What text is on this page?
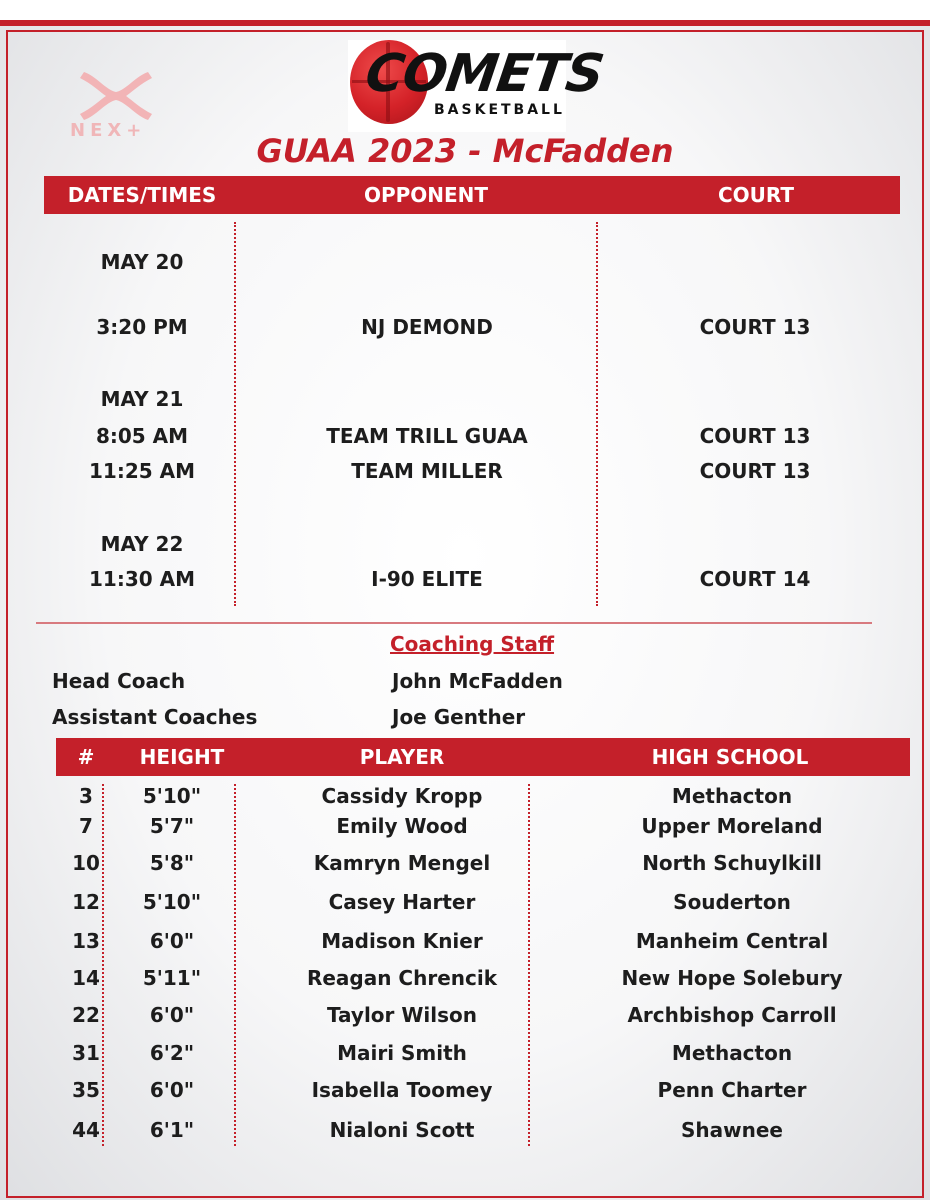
NEX+
COMETS
BASKETBALL
GUAA 2023 - McFadden
DATES/TIMES	OPPONENT	COURT
MAY 20
3:20 PM	NJ DEMOND	COURT 13
MAY 21
8:05 AM	TEAM TRILL GUAA	COURT 13
11:25 AM	TEAM MILLER	COURT 13
MAY 22
11:30 AM	I-90 ELITE	COURT 14
Coaching Staff
Head Coach	John McFadden
Assistant Coaches	Joe Genther
# HEIGHT	PLAYER	HIGH SCHOOL
3 5'10"	Cassidy Kropp	Methacton
7	5'7"	Emily Wood	Upper Moreland
10 5'8"	Kamryn Mengel	North Schuylkill
12 5'10"	Casey Harter	Souderton
13 6'0"	Madison Knier	Manheim Central
14 5'11"	Reagan Chrencik	New Hope Solebury
22 6'0"	Taylor Wilson	Archbishop Carroll
31 6'2"	Mairi Smith	Methacton
35 6'0"	Isabella Toomey	Penn Charter
44 6'1"	Nialoni Scott	Shawnee
